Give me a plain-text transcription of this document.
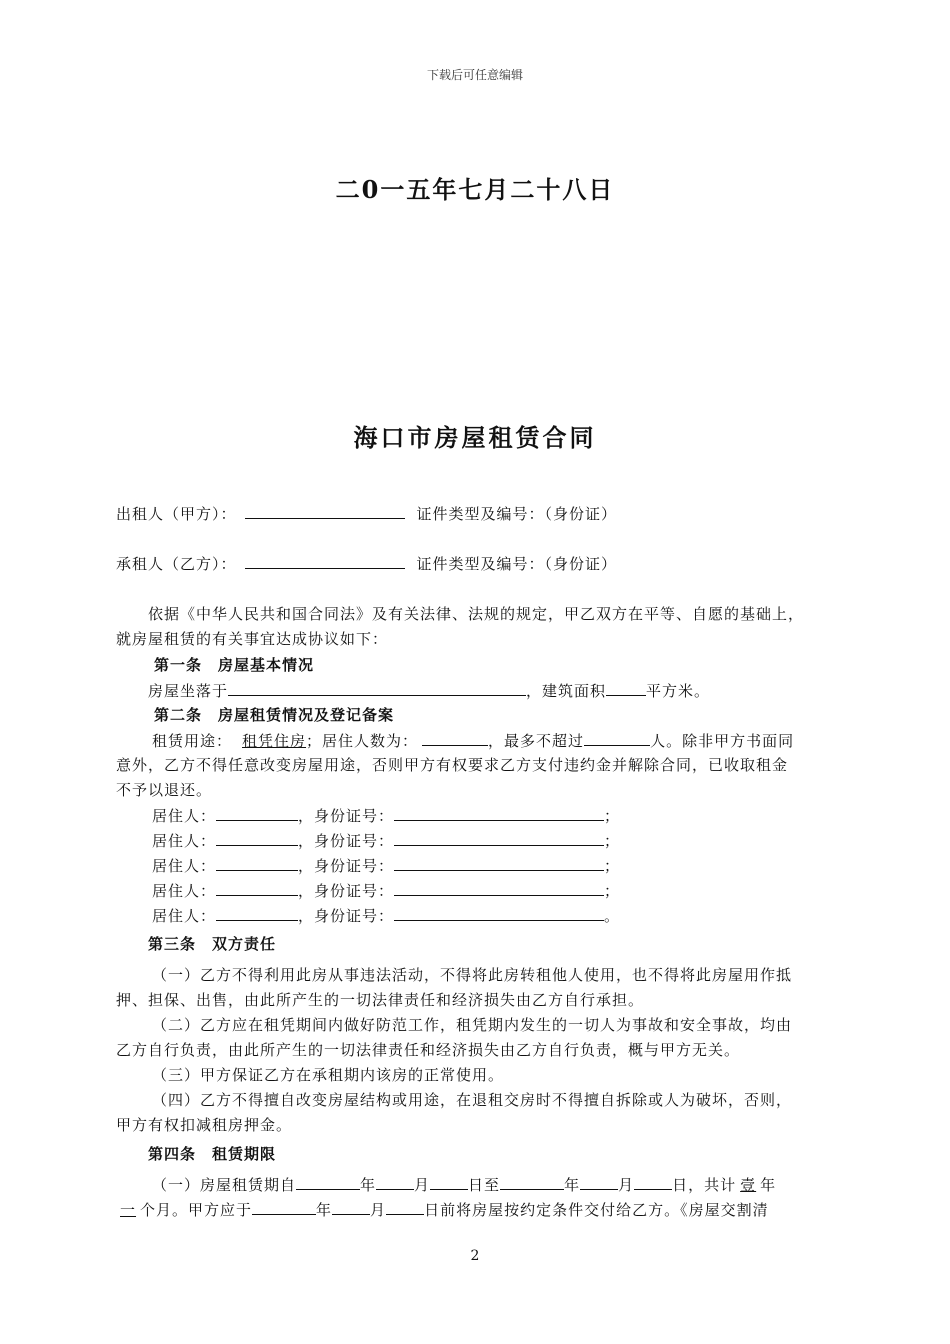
下载后可任意编辑
二0一五年七月二十八日
海口市房屋租赁合同
出租人（甲方）：	证件类型及编号：（身份证）
承租人（乙方）：	证件类型及编号：（身份证）
依据《中华人民共和国合同法》及有关法律、法规的规定，甲乙双方在平等、自愿的基础上，
就房屋租赁的有关事宜达成协议如下：
第一条　房屋基本情况
房屋坐落于	，建筑面积	平方米。
第二条　房屋租赁情况及登记备案
租赁用途： 租凭住房；居住人数为：	，最多不超过	人。除非甲方书面同
意外，乙方不得任意改变房屋用途，否则甲方有权要求乙方支付违约金并解除合同，已收取租金
不予以退还。
居住人：	，身份证号：	；
居住人：	，身份证号：	；
居住人：	，身份证号：	；
居住人：	，身份证号：	；
居住人：	，身份证号：	。
第三条　双方责任
（一）乙方不得利用此房从事违法活动，不得将此房转租他人使用，也不得将此房屋用作抵
押、担保、出售，由此所产生的一切法律责任和经济损失由乙方自行承担。
（二）乙方应在租凭期间内做好防范工作，租凭期内发生的一切人为事故和安全事故，均由
乙方自行负责，由此所产生的一切法律责任和经济损失由乙方自行负责，概与甲方无关。
（三）甲方保证乙方在承租期内该房的正常使用。
（四）乙方不得擅自改变房屋结构或用途，在退租交房时不得擅自拆除或人为破坏，否则，
甲方有权扣减租房押金。
第四条　租赁期限
（一）房屋租赁期自	年	月	日至	年	月	日，共计 壹 年
一 个月。甲方应于	年	月	日前将房屋按约定条件交付给乙方。《房屋交割清
2
